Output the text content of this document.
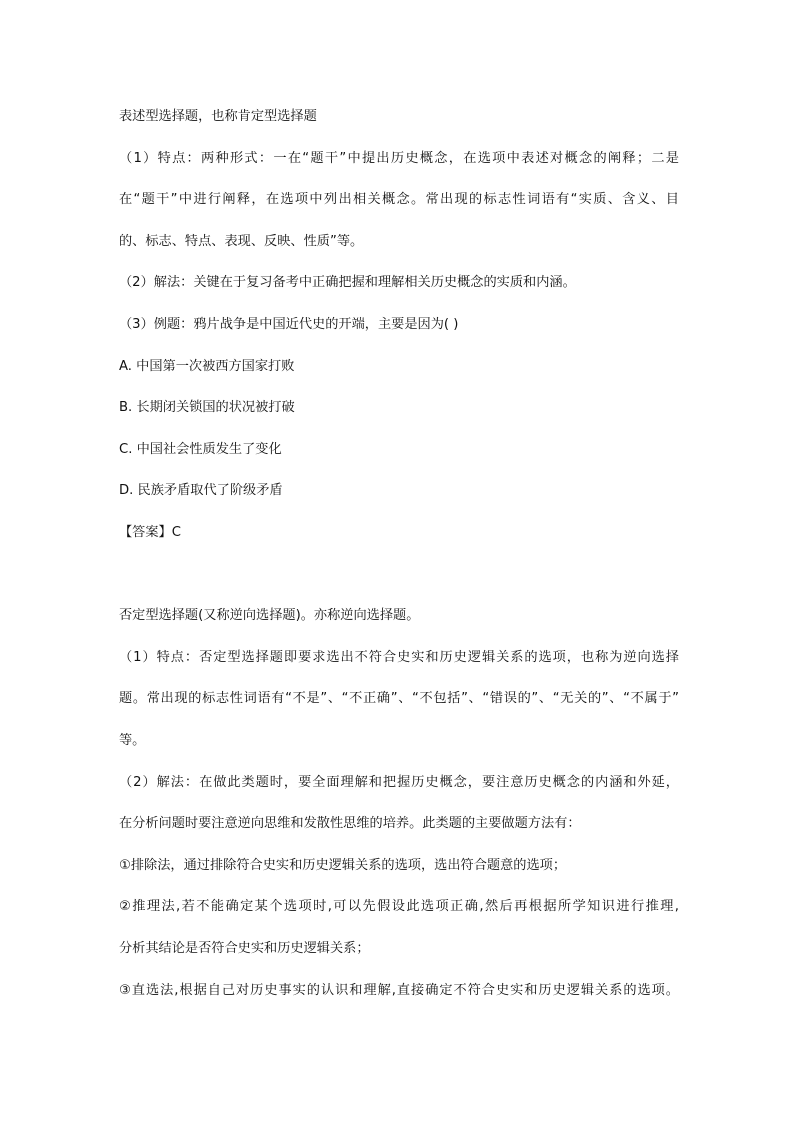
表述型选择题，也称肯定型选择题
（1）特点：两种形式：一在“题干”中提出历史概念，在选项中表述对概念的阐释；二是
在“题干”中进行阐释，在选项中列出相关概念。常出现的标志性词语有“实质、含义、目
的、标志、特点、表现、反映、性质”等。
（2）解法：关键在于复习备考中正确把握和理解相关历史概念的实质和内涵。
（3）例题：鸦片战争是中国近代史的开端，主要是因为( )
A. 中国第一次被西方国家打败
B. 长期闭关锁国的状况被打破
C. 中国社会性质发生了变化
D. 民族矛盾取代了阶级矛盾
【答案】C
否定型选择题(又称逆向选择题)。亦称逆向选择题。
（1）特点：否定型选择题即要求选出不符合史实和历史逻辑关系的选项，也称为逆向选择
题。常出现的标志性词语有“不是”、“不正确”、“不包括”、“错误的”、“无关的”、“不属于”
等。
（2）解法：在做此类题时，要全面理解和把握历史概念，要注意历史概念的内涵和外延，
在分析问题时要注意逆向思维和发散性思维的培养。此类题的主要做题方法有：
①排除法，通过排除符合史实和历史逻辑关系的选项，选出符合题意的选项；
②推理法,若不能确定某个选项时,可以先假设此选项正确,然后再根据所学知识进行推理,
分析其结论是否符合史实和历史逻辑关系；
③直选法,根据自己对历史事实的认识和理解,直接确定不符合史实和历史逻辑关系的选项。
